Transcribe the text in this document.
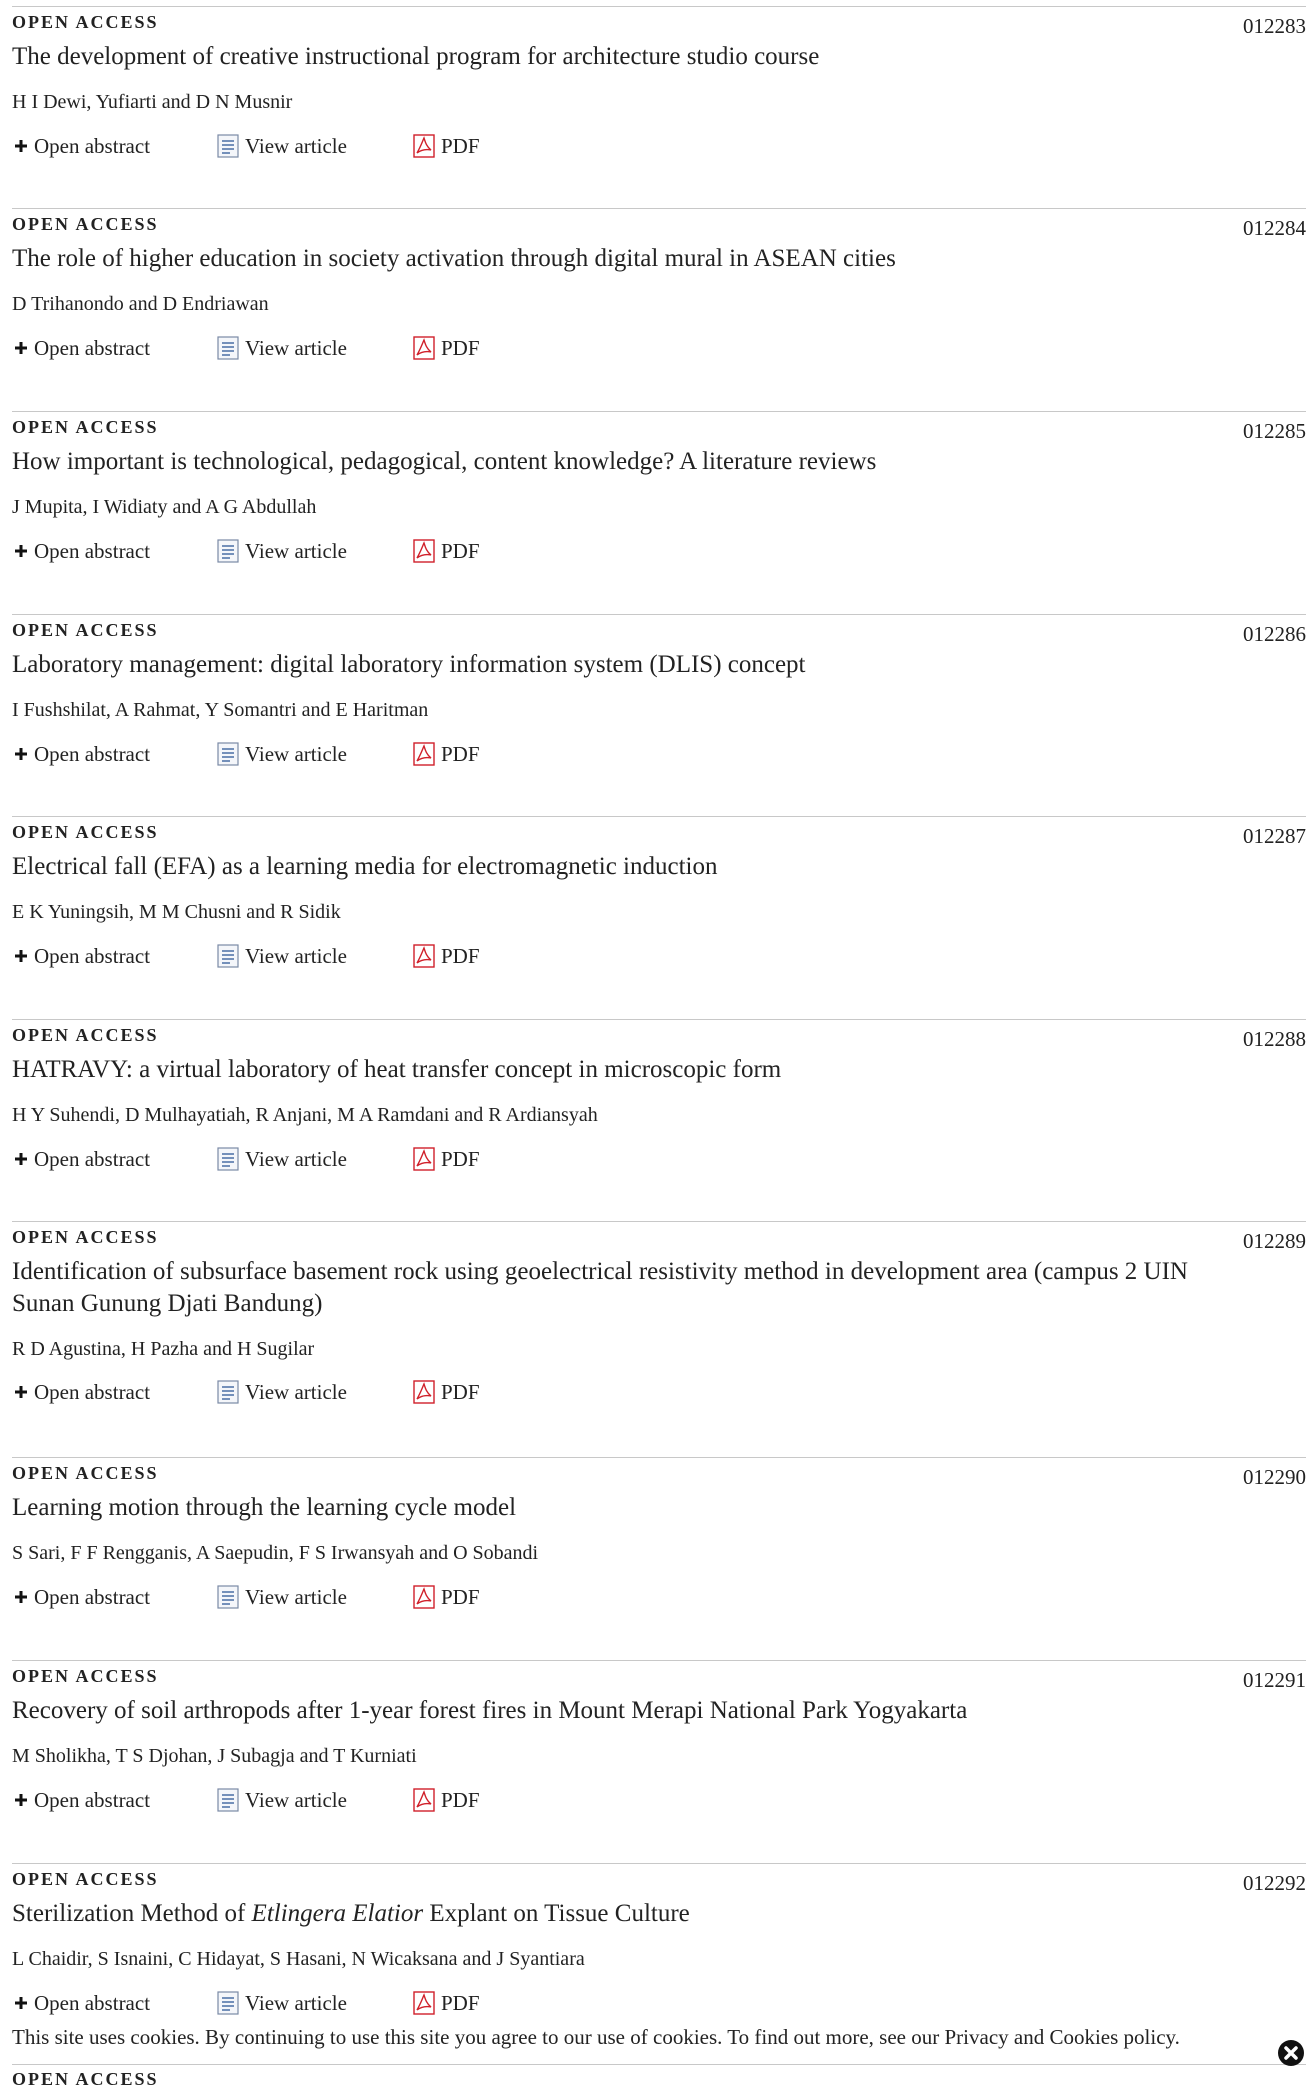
OPEN ACCESS	012283
The development of creative instructional program for architecture studio course
H I Dewi, Yufiarti and D N Musnir
Open abstract	View article	PDF
OPEN ACCESS	012284
The role of higher education in society activation through digital mural in ASEAN cities
D Trihanondo and D Endriawan
Open abstract	View article	PDF
OPEN ACCESS	012285
How important is technological, pedagogical, content knowledge? A literature reviews
J Mupita, I Widiaty and A G Abdullah
Open abstract	View article	PDF
OPEN ACCESS	012286
Laboratory management: digital laboratory information system (DLIS) concept
I Fushshilat, A Rahmat, Y Somantri and E Haritman
Open abstract	View article	PDF
OPEN ACCESS	012287
Electrical fall (EFA) as a learning media for electromagnetic induction
E K Yuningsih, M M Chusni and R Sidik
Open abstract	View article	PDF
OPEN ACCESS	012288
HATRAVY: a virtual laboratory of heat transfer concept in microscopic form
H Y Suhendi, D Mulhayatiah, R Anjani, M A Ramdani and R Ardiansyah
Open abstract	View article	PDF
OPEN ACCESS	012289
Identification of subsurface basement rock using geoelectrical resistivity method in development area (campus 2 UIN Sunan Gunung Djati Bandung)
R D Agustina, H Pazha and H Sugilar
Open abstract	View article	PDF
OPEN ACCESS	012290
Learning motion through the learning cycle model
S Sari, F F Rengganis, A Saepudin, F S Irwansyah and O Sobandi
Open abstract	View article	PDF
OPEN ACCESS	012291
Recovery of soil arthropods after 1-year forest fires in Mount Merapi National Park Yogyakarta
M Sholikha, T S Djohan, J Subagja and T Kurniati
Open abstract	View article	PDF
OPEN ACCESS	012292
Sterilization Method of Etlingera Elatior Explant on Tissue Culture
L Chaidir, S Isnaini, C Hidayat, S Hasani, N Wicaksana and J Syantiara
Open abstract	View article	PDF
This site uses cookies. By continuing to use this site you agree to our use of cookies. To find out more, see our Privacy and Cookies policy.
OPEN ACCESS
